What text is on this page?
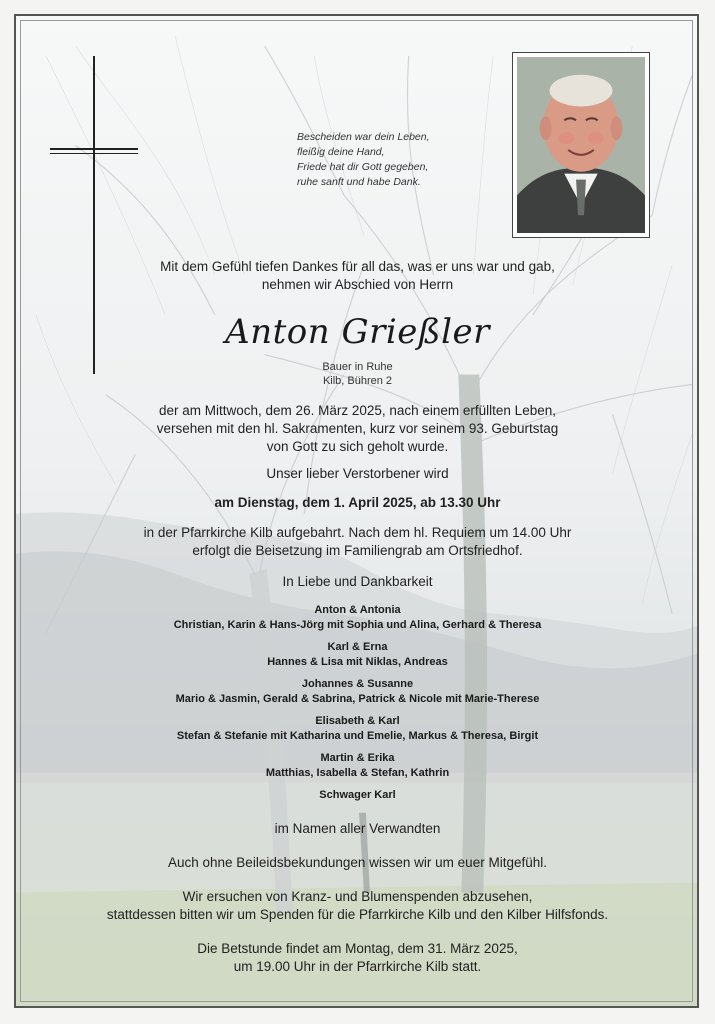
Bescheiden war dein Leben,
fleißig deine Hand,
Friede hat dir Gott gegeben,
ruhe sanft und habe Dank.
Mit dem Gefühl tiefen Dankes für all das, was er uns war und gab,
nehmen wir Abschied von Herrn
Anton Grießler
Bauer in Ruhe
Kilb, Bühren 2
der am Mittwoch, dem 26. März 2025, nach einem erfüllten Leben,
versehen mit den hl. Sakramenten, kurz vor seinem 93. Geburtstag
von Gott zu sich geholt wurde.
Unser lieber Verstorbener wird
am Dienstag, dem 1. April 2025, ab 13.30 Uhr
in der Pfarrkirche Kilb aufgebahrt. Nach dem hl. Requiem um 14.00 Uhr
erfolgt die Beisetzung im Familiengrab am Ortsfriedhof.
In Liebe und Dankbarkeit
Anton & Antonia
Christian, Karin & Hans-Jörg mit Sophia und Alina, Gerhard & Theresa
Karl & Erna
Hannes & Lisa mit Niklas, Andreas
Johannes & Susanne
Mario & Jasmin, Gerald & Sabrina, Patrick & Nicole mit Marie-Therese
Elisabeth & Karl
Stefan & Stefanie mit Katharina und Emelie, Markus & Theresa, Birgit
Martin & Erika
Matthias, Isabella & Stefan, Kathrin
Schwager Karl
im Namen aller Verwandten
Auch ohne Beileidsbekundungen wissen wir um euer Mitgefühl.
Wir ersuchen von Kranz- und Blumenspenden abzusehen,
stattdessen bitten wir um Spenden für die Pfarrkirche Kilb und den Kilber Hilfsfonds.
Die Betstunde findet am Montag, dem 31. März 2025,
um 19.00 Uhr in der Pfarrkirche Kilb statt.
